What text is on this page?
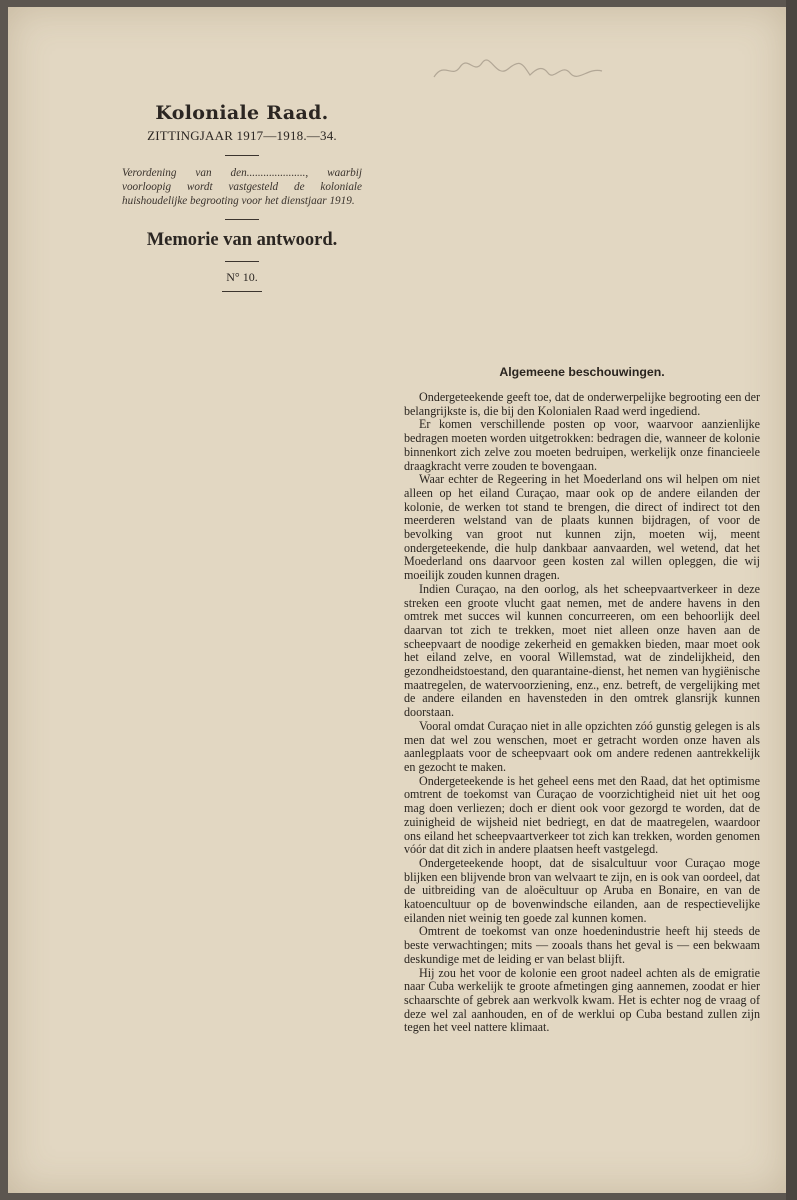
Koloniale Raad.
ZITTINGJAAR 1917—1918.—34.

Verordening van den....................., waarbij voorloopig wordt vastgesteld de koloniale huishoudelijke begrooting voor het dienstjaar 1919.

Memorie van antwoord.
N° 10.
Algemeene beschouwingen.

Ondergeteekende geeft toe, dat de onderwerpelijke begrooting een der belangrijkste is, die bij den Kolonialen Raad werd ingediend.

Er komen verschillende posten op voor, waarvoor aanzienlijke bedragen moeten worden uitgetrokken: bedragen die, wanneer de kolonie binnenkort zich zelve zou moeten bedruipen, werkelijk onze financieele draagkracht verre zouden te bovengaan.

Waar echter de Regeering in het Moederland ons wil helpen om niet alleen op het eiland Curaçao, maar ook op de andere eilanden der kolonie, de werken tot stand te brengen, die direct of indirect tot den meerderen welstand van de plaats kunnen bijdragen, of voor de bevolking van groot nut kunnen zijn, moeten wij, meent ondergeteekende, die hulp dankbaar aanvaarden, wel wetend, dat het Moederland ons daarvoor geen kosten zal willen opleggen, die wij moeilijk zouden kunnen dragen.

Indien Curaçao, na den oorlog, als het scheepvaartverkeer in deze streken een groote vlucht gaat nemen, met de andere havens in den omtrek met succes wil kunnen concurreeren, om een behoorlijk deel daarvan tot zich te trekken, moet niet alleen onze haven aan de scheepvaart de noodige zekerheid en gemakken bieden, maar moet ook het eiland zelve, en vooral Willemstad, wat de zindelijkheid, den gezondheidstoestand, den quarantaine-dienst, het nemen van hygiënische maatregelen, de watervoorziening, enz., enz. betreft, de vergelijking met de andere eilanden en havensteden in den omtrek glansrijk kunnen doorstaan.

Vooral omdat Curaçao niet in alle opzichten zóó gunstig gelegen is als men dat wel zou wenschen, moet er getracht worden onze haven als aanlegplaats voor de scheepvaart ook om andere redenen aantrekkelijk en gezocht te maken.

Ondergeteekende is het geheel eens met den Raad, dat het optimisme omtrent de toekomst van Curaçao de voorzichtigheid niet uit het oog mag doen verliezen; doch er dient ook voor gezorgd te worden, dat de zuinigheid de wijsheid niet bedriegt, en dat de maatregelen, waardoor ons eiland het scheepvaartverkeer tot zich kan trekken, worden genomen vóór dat dit zich in andere plaatsen heeft vastgelegd.

Ondergeteekende hoopt, dat de sisalcultuur voor Curaçao moge blijken een blijvende bron van welvaart te zijn, en is ook van oordeel, dat de uitbreiding van de aloëcultuur op Aruba en Bonaire, en van de katoencultuur op de bovenwindsche eilanden, aan de respectievelijke eilanden niet weinig ten goede zal kunnen komen.

Omtrent de toekomst van onze hoedenindustrie heeft hij steeds de beste verwachtingen; mits — zooals thans het geval is — een bekwaam deskundige met de leiding er van belast blijft.

Hij zou het voor de kolonie een groot nadeel achten als de emigratie naar Cuba werkelijk te groote afmetingen ging aannemen, zoodat er hier schaarschte of gebrek aan werkvolk kwam. Het is echter nog de vraag of deze wel zal aanhouden, en of de werklui op Cuba bestand zullen zijn tegen het veel nattere klimaat.
